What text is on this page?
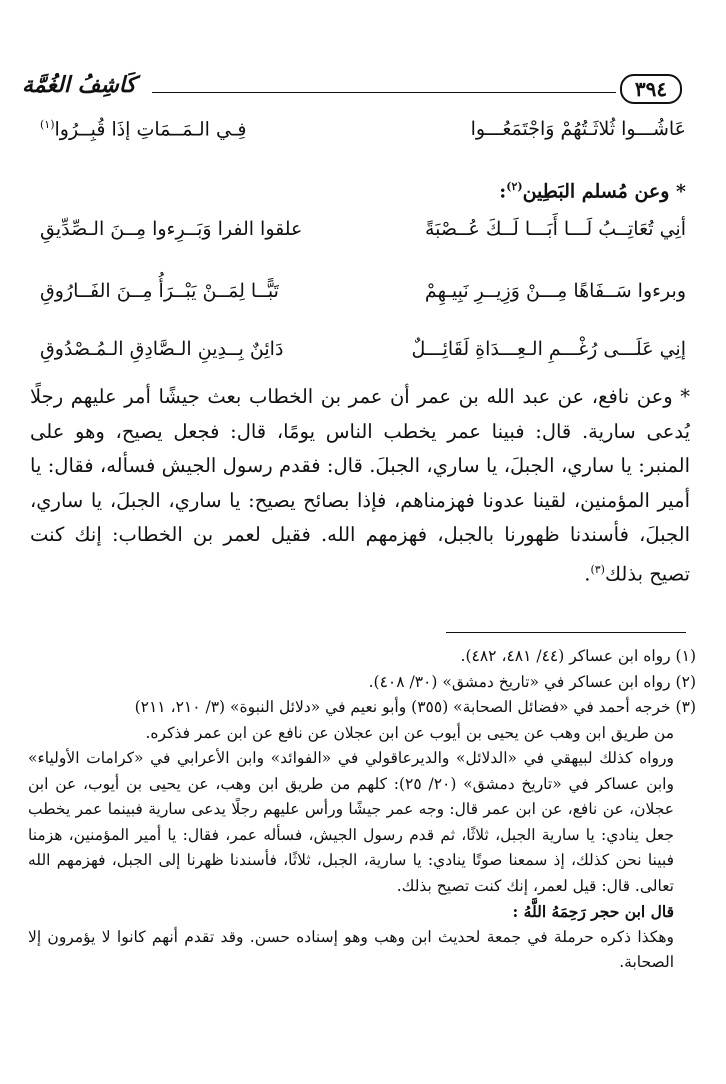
٣٩٤
كَاشِفُ الغُمَّة
عَاشُـــوا ثُلاثَـتُهُمْ وَاجْتَمَعُـــوا
فِـي الـمَــمَاتِ إذَا قُبِــرُوا$^{(١)}$
* وعن مُسلم البَطِين$^{(٢)}$:
أنِي تُعَاتِــبُ لَـــا أَبَـــا لَــكَ عُــصْبَةً
علقوا الفرا وَبَــرِءوا مِــنَ الـصِّدِّيقِ
وبرءوا سَــفَاهًا مِـــنْ وَزِيــرِ نَبِيـهِمْ
تَبًّــا لِمَــنْ يَبْــرَأُ مِــنَ الفَــارُوقِ
إنِي عَلَـــى رُغْـــمِ الـعِـــدَاةِ لَقَائِـــلٌ
دَائِنٌ بِــدِينِ الـصَّادِقِ الـمُـصْدُوقِ

* وعن نافع، عن عبد الله بن عمر أن عمر بن الخطاب بعث جيشًا أمر عليهم رجلًا يُدعى سارية. قال: فبينا عمر يخطب الناس يومًا، قال: فجعل يصيح، وهو على المنبر: يا ساري، الجبلَ، يا ساري، الجبلَ. قال: فقدم رسول الجيش فسأله، فقال: يا أمير المؤمنين، لقينا عدونا فهزمناهم، فإذا بصائح يصيح: يا ساري، الجبلَ، يا ساري، الجبلَ، فأسندنا ظهورنا بالجبل، فهزمهم الله. فقيل لعمر بن الخطاب: إنك كنت تصيح بذلك$^{(٣)}$.

(١) رواه ابن عساكر (٤٤/ ٤٨١، ٤٨٢).

(٢) رواه ابن عساكر في «تاريخ دمشق» (٣٠/ ٤٠٨).

(٣) خرجه أحمد في «فضائل الصحابة» (٣٥٥) وأبو نعيم في «دلائل النبوة» (٣/ ٢١٠، ٢١١)

من طريق ابن وهب عن يحيى بن أيوب عن ابن عجلان عن نافع عن ابن عمر فذكره.

ورواه كذلك لبيهقي في «الدلائل» والديرعاقولي في «الفوائد» وابن الأعرابي في «كرامات الأولياء» وابن عساكر في «تاريخ دمشق» (٢٠/ ٢٥): كلهم من طريق ابن وهب، عن يحيى بن أيوب، عن ابن عجلان، عن نافع، عن ابن عمر قال: وجه عمر جيشًا ورأس عليهم رجلًا يدعى سارية فبينما عمر يخطب جعل ينادي: يا سارية الجبل، ثلاثًا، ثم قدم رسول الجيش، فسأله عمر، فقال: يا أمير المؤمنين، هزمنا فبينا نحن كذلك، إذ سمعنا صوتًا ينادي: يا سارية، الجبل، ثلاثًا، فأسندنا ظهرنا إلى الجبل، فهزمهم الله تعالى. قال: قيل لعمر، إنك كنت تصيح بذلك.

قال ابن حجر رَحِمَهُ اللَّهُ :

وهكذا ذكره حرملة في جمعة لحديث ابن وهب وهو إسناده حسن. وقد تقدم أنهم كانوا لا يؤمرون إلا الصحابة.
